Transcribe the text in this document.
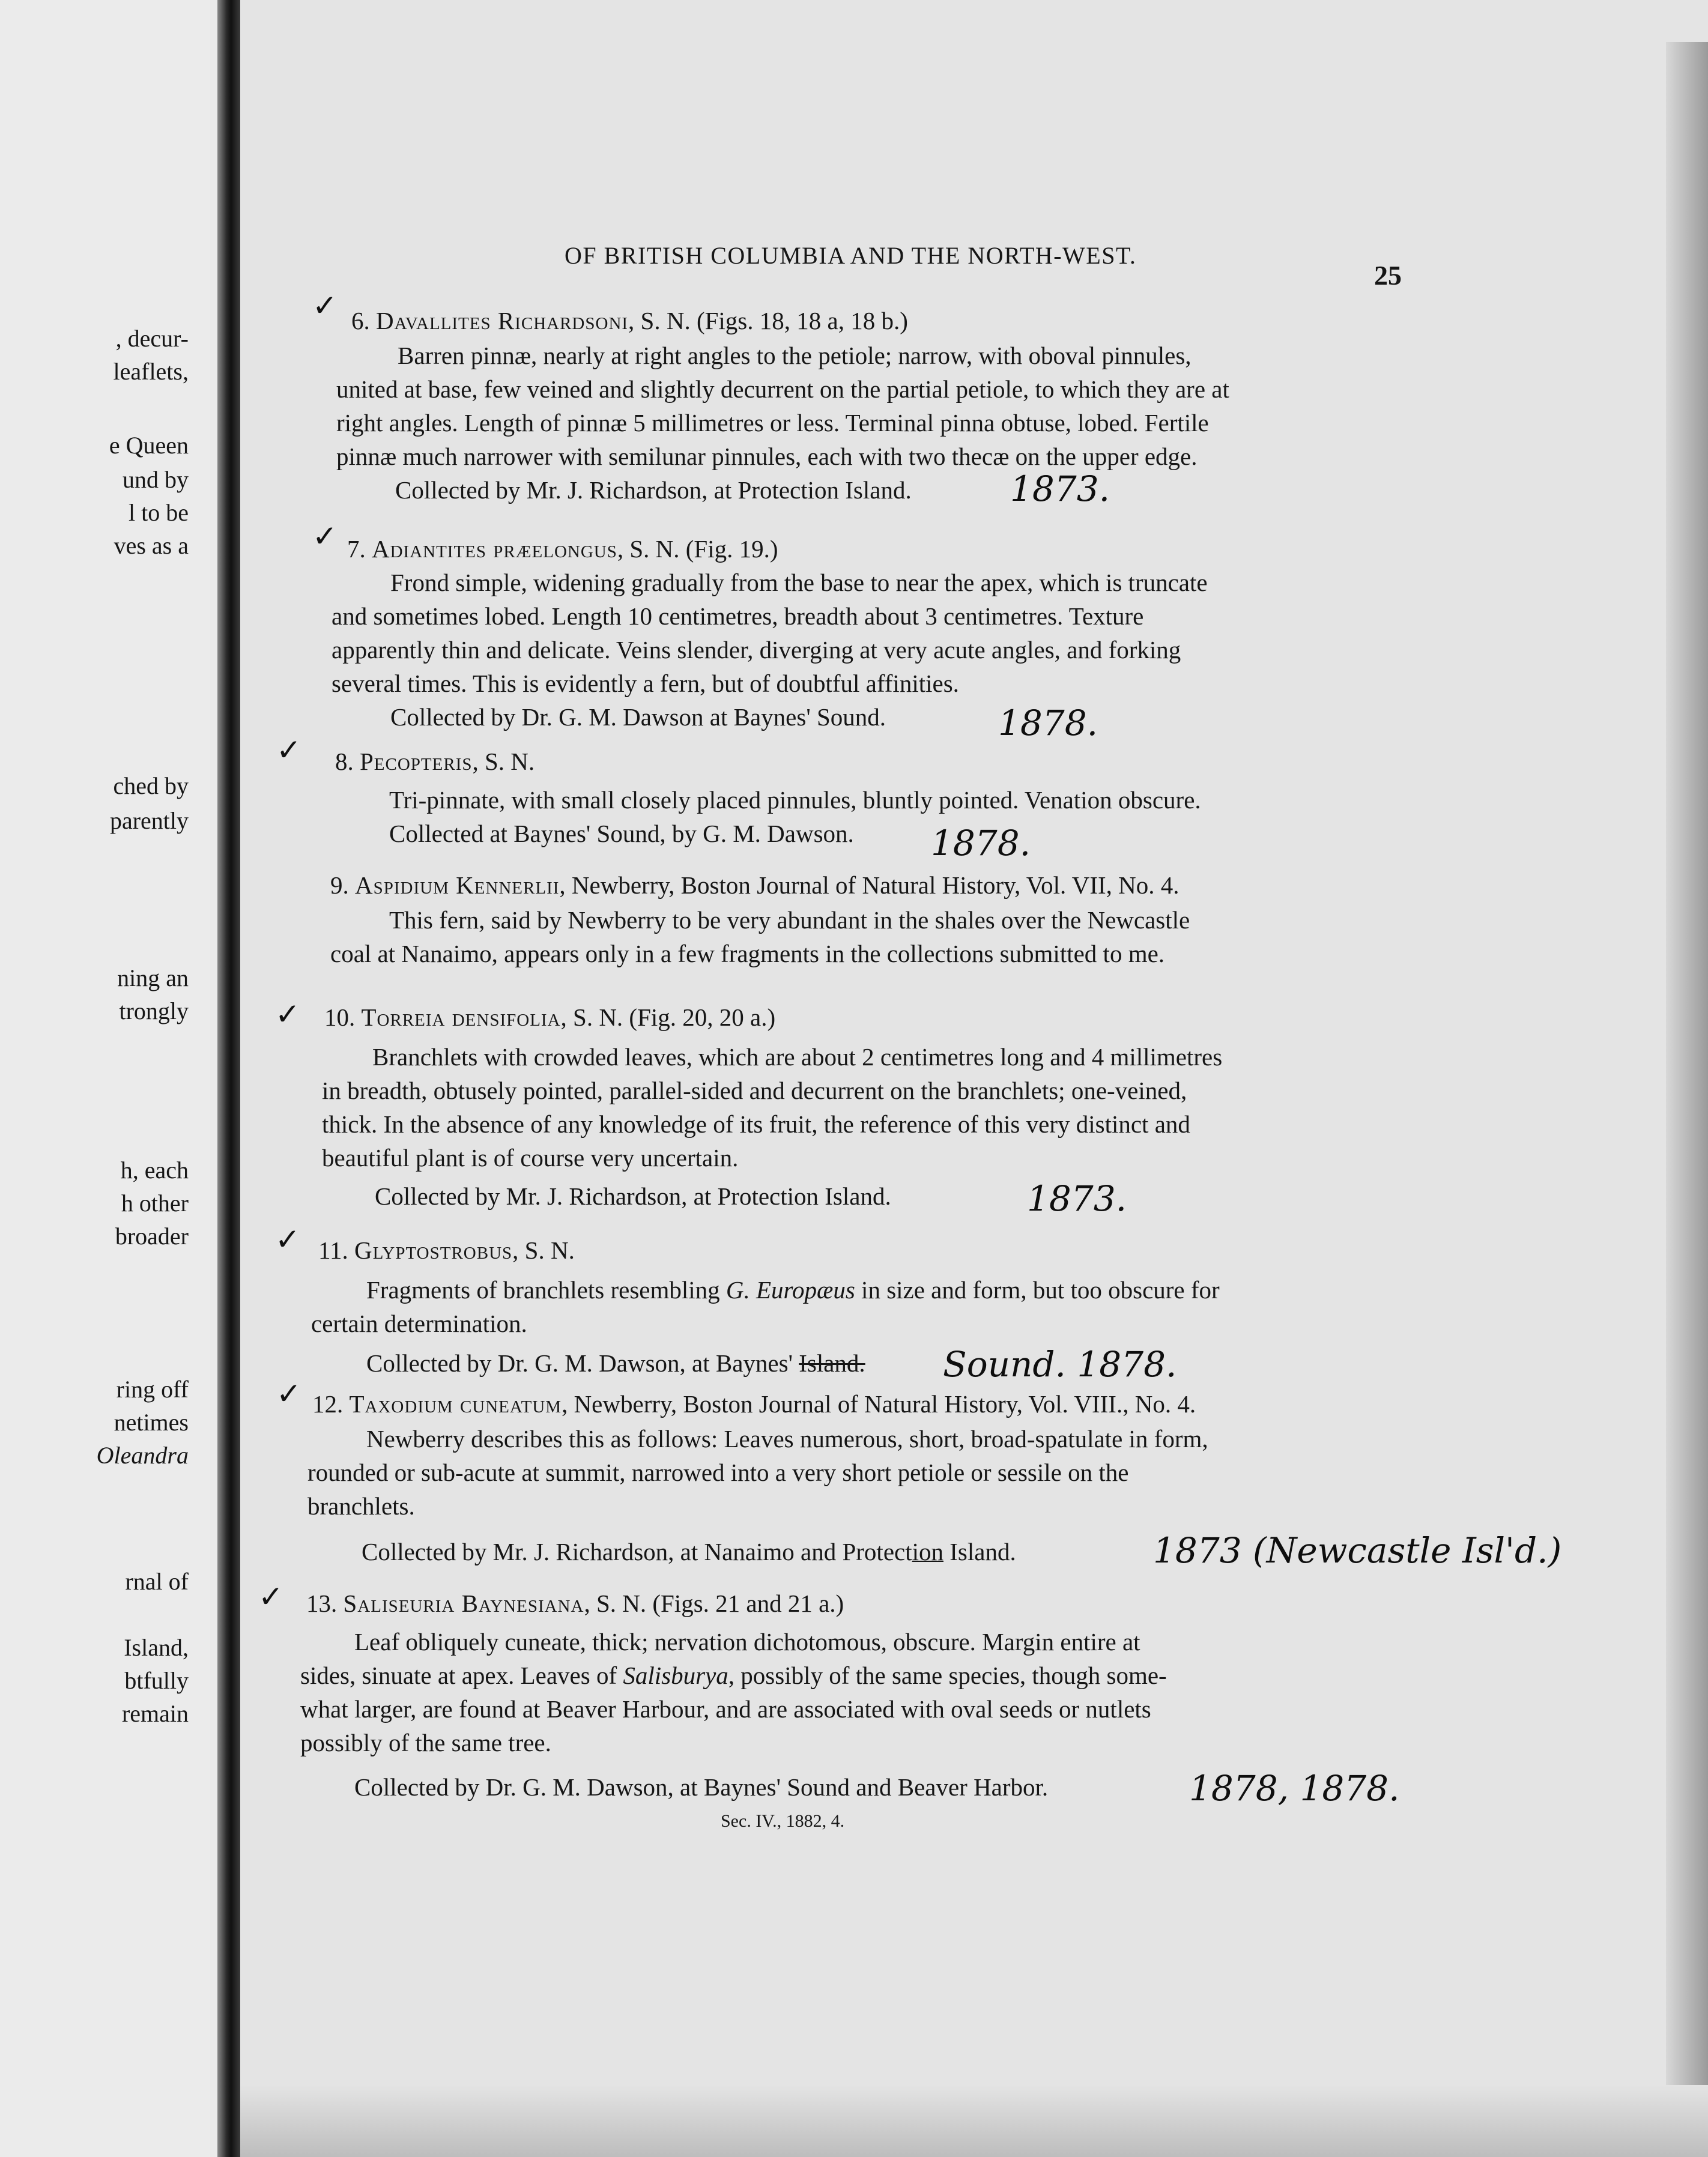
, decur-
leaflets,
e Queen
und by
l to be
ves as a
ched by
parently
ning an
trongly
h, each
h other
broader
ring off
netimes
Oleandra
rnal of
Island,
btfully
remain
OF BRITISH COLUMBIA AND THE NORTH-WEST.
25
✓ 6. Davallites Richardsoni, S. N. (Figs. 18, 18 a, 18 b.)
Barren pinnæ, nearly at right angles to the petiole; narrow, with oboval pinnules,
united at base, few veined and slightly decurrent on the partial petiole, to which they are at
right angles. Length of pinnæ 5 millimetres or less. Terminal pinna obtuse, lobed. Fertile
pinnæ much narrower with semilunar pinnules, each with two thecæ on the upper edge.
Collected by Mr. J. Richardson, at Protection Island.	1873.
✓ 7. Adiantites præelongus, S. N. (Fig. 19.)
Frond simple, widening gradually from the base to near the apex, which is truncate
and sometimes lobed. Length 10 centimetres, breadth about 3 centimetres. Texture
apparently thin and delicate. Veins slender, diverging at very acute angles, and forking
several times. This is evidently a fern, but of doubtful affinities.
Collected by Dr. G. M. Dawson at Baynes' Sound.	1878.
✓ 8. Pecopteris, S. N.
Tri-pinnate, with small closely placed pinnules, bluntly pointed. Venation obscure.
Collected at Baynes' Sound, by G. M. Dawson. 1878.
9. Aspidium Kennerlii, Newberry, Boston Journal of Natural History, Vol. VII, No. 4.
This fern, said by Newberry to be very abundant in the shales over the Newcastle
coal at Nanaimo, appears only in a few fragments in the collections submitted to me.
✓ 10. Torreia densifolia, S. N. (Fig. 20, 20 a.)
Branchlets with crowded leaves, which are about 2 centimetres long and 4 millimetres
in breadth, obtusely pointed, parallel-sided and decurrent on the branchlets; one-veined,
thick. In the absence of any knowledge of its fruit, the reference of this very distinct and
beautiful plant is of course very uncertain.
Collected by Mr. J. Richardson, at Protection Island.	1873.
✓ 11. Glyptostrobus, S. N.
Fragments of branchlets resembling G. Europæus in size and form, but too obscure for
certain determination.
Collected by Dr. G. M. Dawson, at Baynes' Island. Sound. 1878.
✓ 12. Taxodium cuneatum, Newberry, Boston Journal of Natural History, Vol. VIII., No. 4.
Newberry describes this as follows: Leaves numerous, short, broad-spatulate in form,
rounded or sub-acute at summit, narrowed into a very short petiole or sessile on the
branchlets.
Collected by Mr. J. Richardson, at Nanaimo and Protection Island.	1873 (Newcastle Isl'd.)
✓ 13. Saliseuria Baynesiana, S. N. (Figs. 21 and 21 a.)
Leaf obliquely cuneate, thick; nervation dichotomous, obscure. Margin entire at
sides, sinuate at apex. Leaves of Salisburya, possibly of the same species, though some-
what larger, are found at Beaver Harbour, and are associated with oval seeds or nutlets
possibly of the same tree.
Collected by Dr. G. M. Dawson, at Baynes' Sound and Beaver Harbor.	1878, 1878.
Sec. IV., 1882, 4.
